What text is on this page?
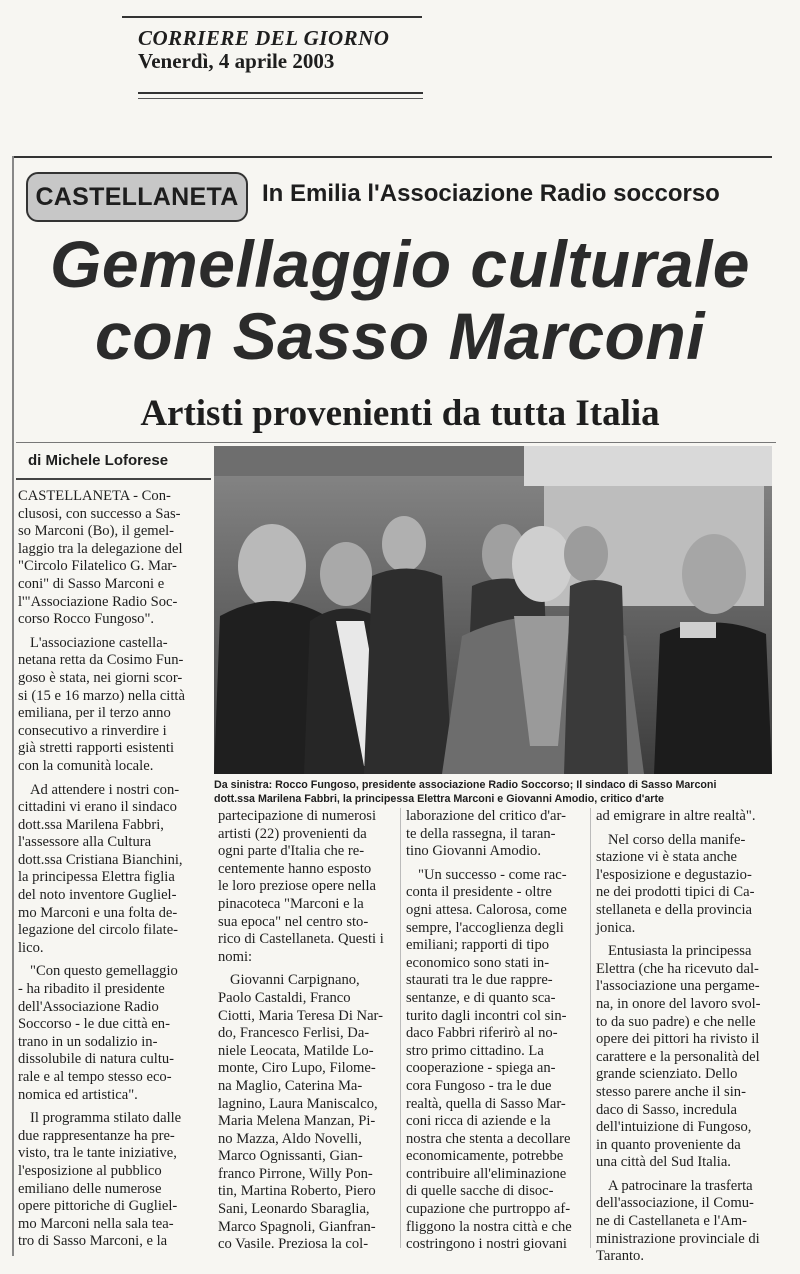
CORRIERE DEL GIORNO
Venerdì, 4 aprile 2003
CASTELLANETA In Emilia l'Associazione Radio soccorso
Gemellaggio culturale
con Sasso Marconi
Artisti provenienti da tutta Italia
di Michele Loforese
Da sinistra: Rocco Fungoso, presidente associazione Radio Soccorso; Il sindaco di Sasso Marconi
dott.ssa Marilena Fabbri, la principessa Elettra Marconi e Giovanni Amodio, critico d'arte

CASTELLANETA - Con-
clusosi, con successo a Sas-
so Marconi (Bo), il gemel-
laggio tra la delegazione del
"Circolo Filatelico G. Mar-
coni" di Sasso Marconi e
l'"Associazione Radio Soc-
corso Rocco Fungoso".

L'associazione castella-
netana retta da Cosimo Fun-
goso è stata, nei giorni scor-
si (15 e 16 marzo) nella città
emiliana, per il terzo anno
consecutivo a rinverdire i
già stretti rapporti esistenti
con la comunità locale.

Ad attendere i nostri con-
cittadini vi erano il sindaco
dott.ssa Marilena Fabbri,
l'assessore alla Cultura
dott.ssa Cristiana Bianchini,
la principessa Elettra figlia
del noto inventore Gugliel-
mo Marconi e una folta de-
legazione del circolo filate-
lico.

"Con questo gemellaggio
- ha ribadito il presidente
dell'Associazione Radio
Soccorso - le due città en-
trano in un sodalizio in-
dissolubile di natura cultu-
rale e al tempo stesso eco-
nomica ed artistica".

Il programma stilato dalle
due rappresentanze ha pre-
visto, tra le tante iniziative,
l'esposizione al pubblico
emiliano delle numerose
opere pittoriche di Gugliel-
mo Marconi nella sala tea-
tro di Sasso Marconi, e la

partecipazione di numerosi
artisti (22) provenienti da
ogni parte d'Italia che re-
centemente hanno esposto
le loro preziose opere nella
pinacoteca "Marconi e la
sua epoca" nel centro sto-
rico di Castellaneta. Questi i
nomi:

Giovanni Carpignano,
Paolo Castaldi, Franco
Ciotti, Maria Teresa Di Nar-
do, Francesco Ferlisi, Da-
niele Leocata, Matilde Lo-
monte, Ciro Lupo, Filome-
na Maglio, Caterina Ma-
lagnino, Laura Maniscalco,
Maria Melena Manzan, Pi-
no Mazza, Aldo Novelli,
Marco Ognissanti, Gian-
franco Pirrone, Willy Pon-
tin, Martina Roberto, Piero
Sani, Leonardo Sbaraglia,
Marco Spagnoli, Gianfran-
co Vasile. Preziosa la col-

laborazione del critico d'ar-
te della rassegna, il taran-
tino Giovanni Amodio.

"Un successo - come rac-
conta il presidente - oltre
ogni attesa. Calorosa, come
sempre, l'accoglienza degli
emiliani; rapporti di tipo
economico sono stati in-
staurati tra le due rappre-
sentanze, e di quanto sca-
turito dagli incontri col sin-
daco Fabbri riferirò al no-
stro primo cittadino. La
cooperazione - spiega an-
cora Fungoso - tra le due
realtà, quella di Sasso Mar-
coni ricca di aziende e la
nostra che stenta a decollare
economicamente, potrebbe
contribuire all'eliminazione
di quelle sacche di disoc-
cupazione che purtroppo af-
fliggono la nostra città e che
costringono i nostri giovani

ad emigrare in altre realtà".

Nel corso della manife-
stazione vi è stata anche
l'esposizione e degustazio-
ne dei prodotti tipici di Ca-
stellaneta e della provincia
jonica.

Entusiasta la principessa
Elettra (che ha ricevuto dal-
l'associazione una pergame-
na, in onore del lavoro svol-
to da suo padre) e che nelle
opere dei pittori ha rivisto il
carattere e la personalità del
grande scienziato. Dello
stesso parere anche il sin-
daco di Sasso, incredula
dell'intuizione di Fungoso,
in quanto proveniente da
una città del Sud Italia.

A patrocinare la trasferta
dell'associazione, il Comu-
ne di Castellaneta e l'Am-
ministrazione provinciale di
Taranto.
